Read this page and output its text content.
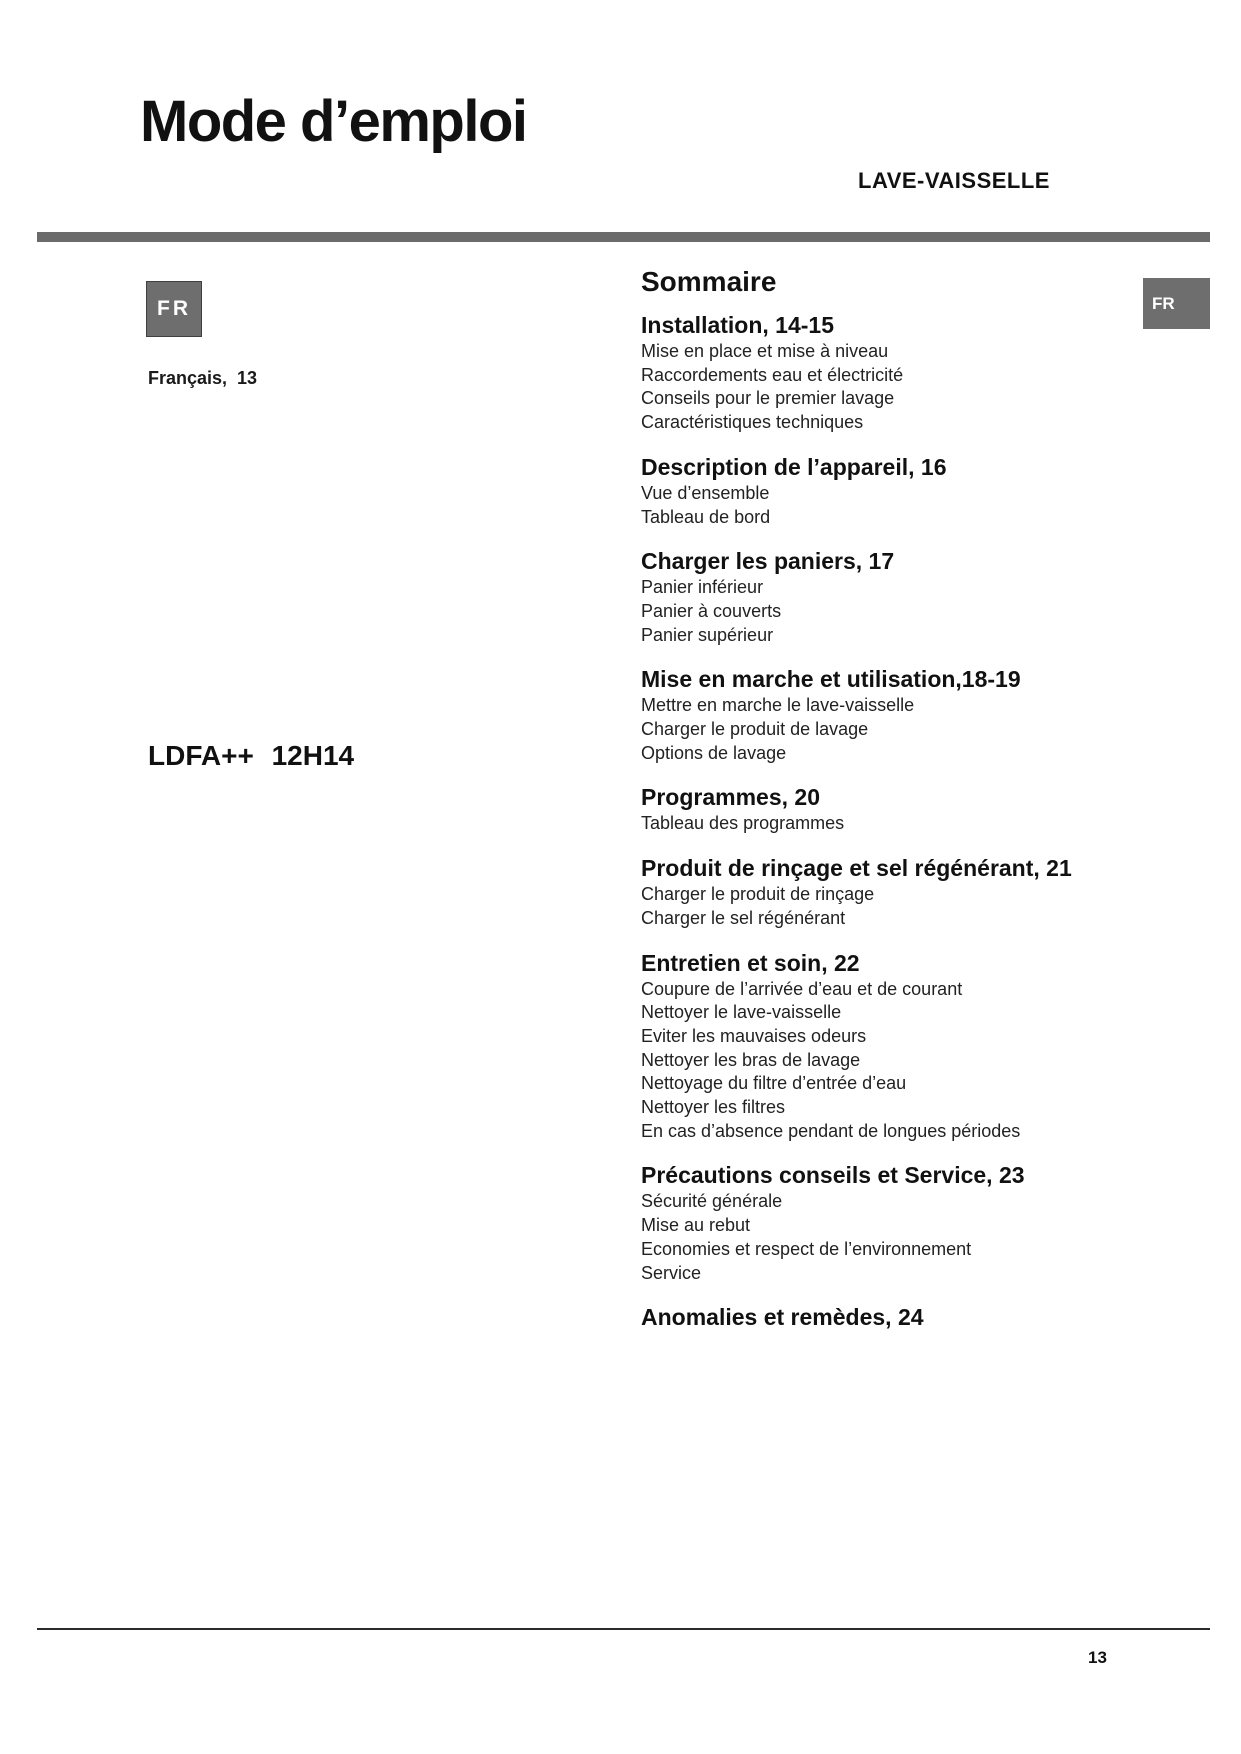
Mode d’emploi
LAVE-VAISSELLE
FR
Français, 13
LDFA++ 12H14
FR
Sommaire
Installation, 14-15
Mise en place et mise à niveau
Raccordements eau et électricité
Conseils pour le premier lavage
Caractéristiques techniques
Description de l’appareil, 16
Vue d’ensemble
Tableau de bord
Charger les paniers, 17
Panier inférieur
Panier à couverts
Panier supérieur
Mise en marche et utilisation,18-19
Mettre en marche le lave-vaisselle
Charger le produit de lavage
Options de lavage
Programmes, 20
Tableau des programmes
Produit de rinçage et sel régénérant, 21
Charger le produit de rinçage
Charger le sel régénérant
Entretien et soin, 22
Coupure de l’arrivée d’eau et de courant
Nettoyer le lave-vaisselle
Eviter les mauvaises odeurs
Nettoyer les bras de lavage
Nettoyage du filtre d’entrée d’eau
Nettoyer les filtres
En cas d’absence pendant de longues périodes
Précautions conseils et Service, 23
Sécurité générale
Mise au rebut
Economies et respect de l’environnement
Service
Anomalies et remèdes, 24
13
